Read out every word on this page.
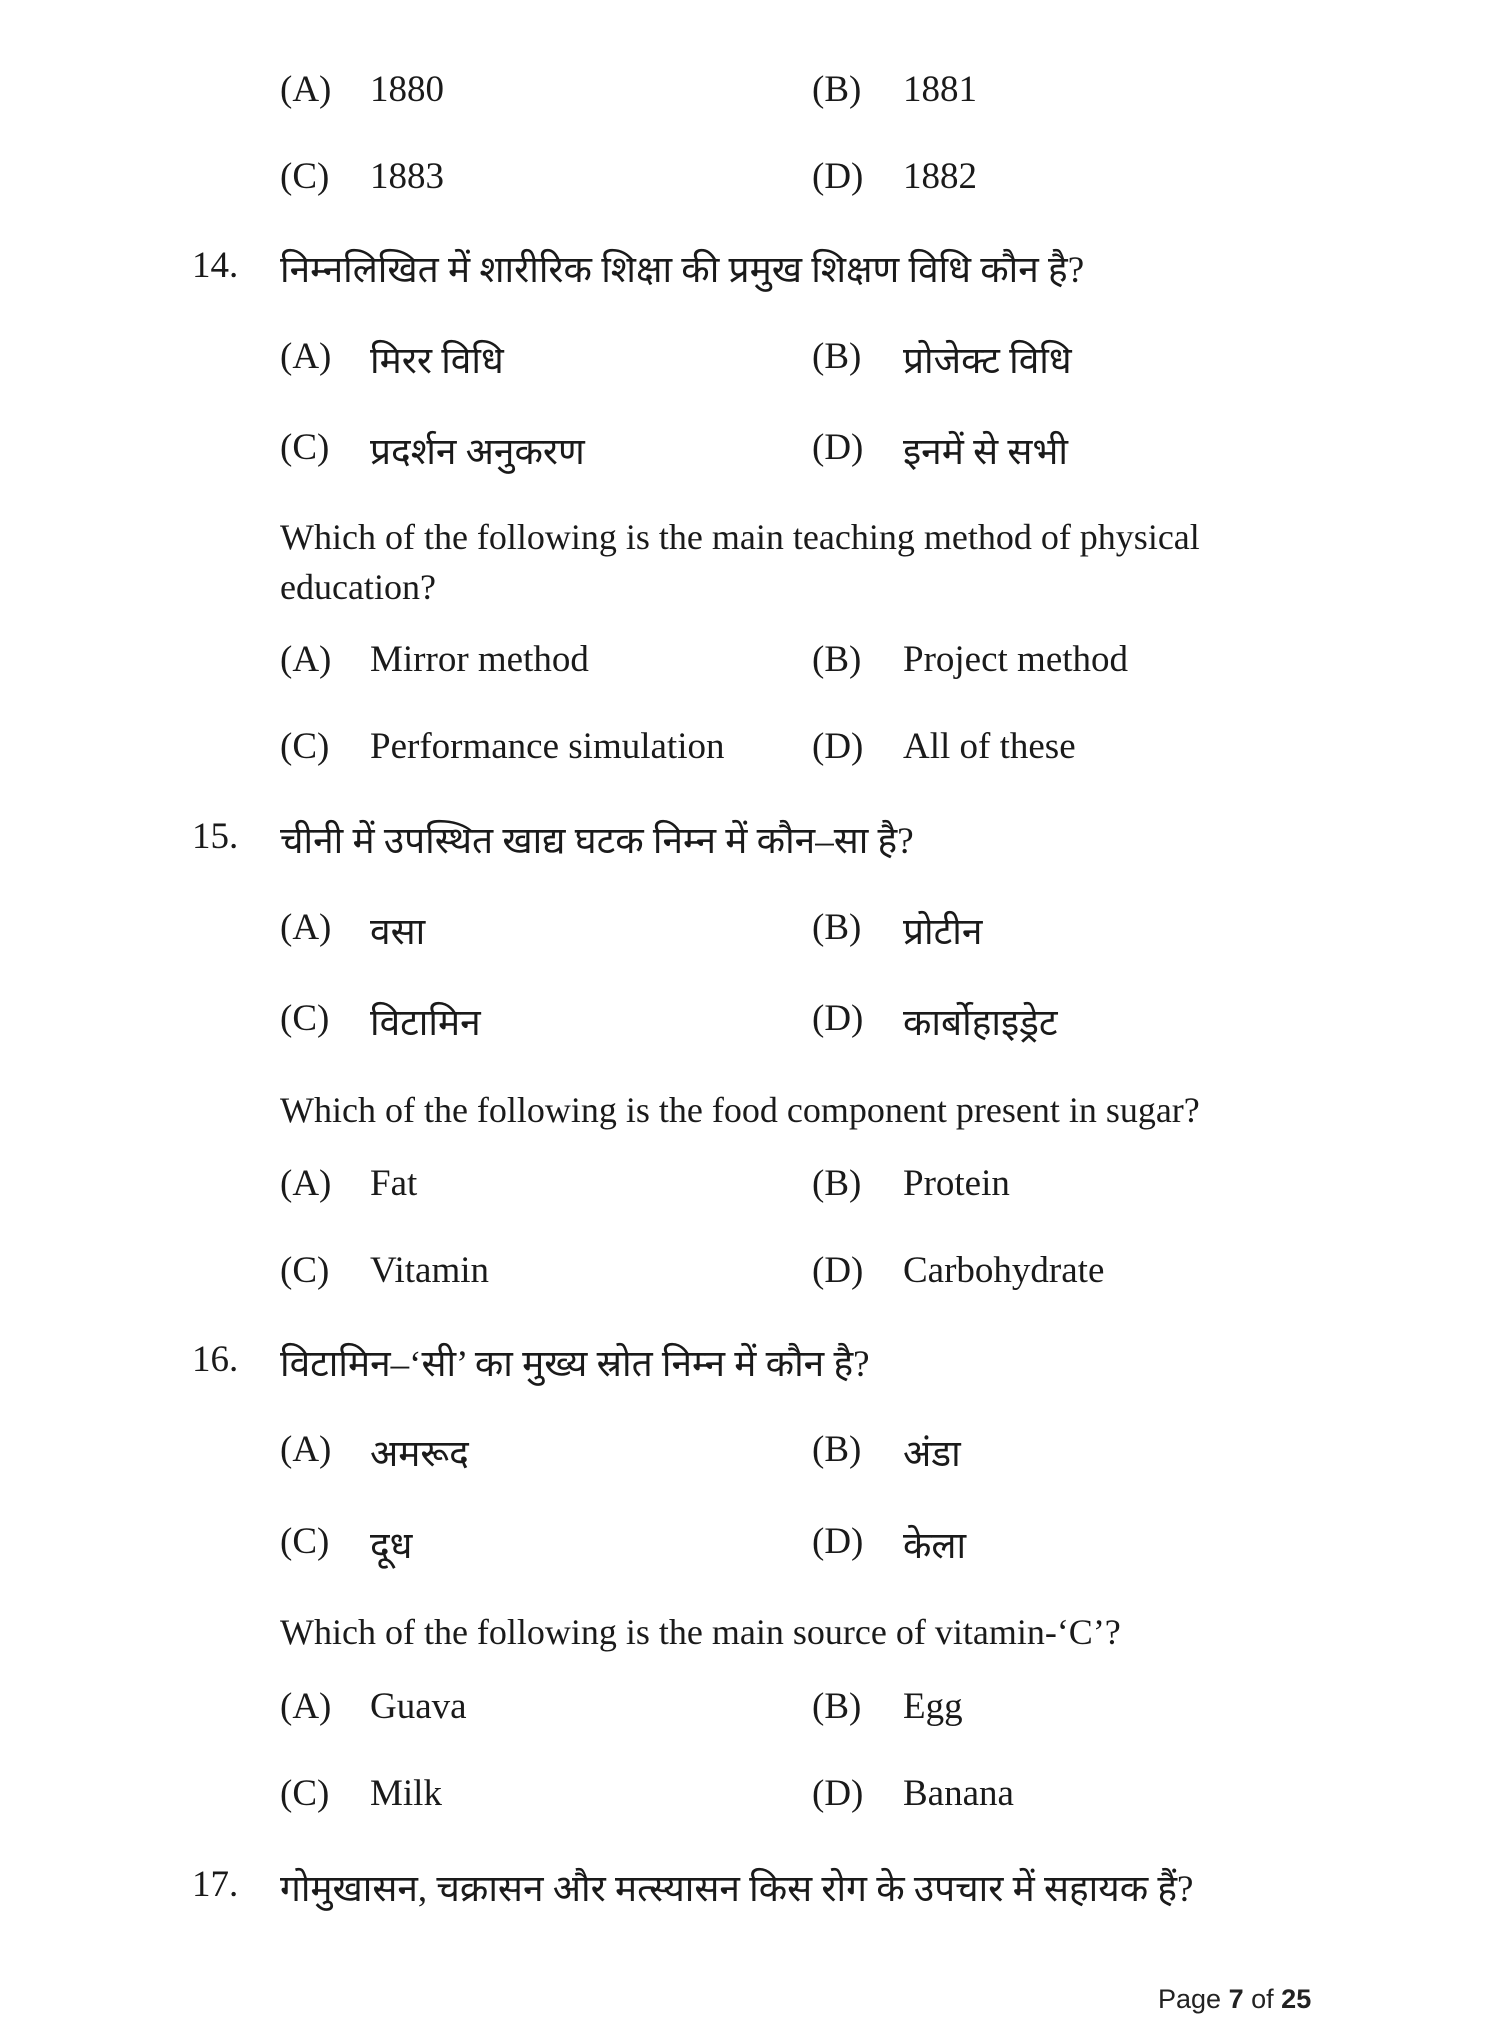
(A) 1880	(B) 1881
(C) 1883	(D) 1882
14. निम्नलिखित में शारीरिक शिक्षा की प्रमुख शिक्षण विधि कौन है?
(A) मिरर विधि	(B) प्रोजेक्ट विधि
(C) प्रदर्शन अनुकरण	(D) इनमें से सभी
Which of the following is the main teaching method of physical education?
(A) Mirror method	(B) Project method
(C) Performance simulation (D) All of these
15. चीनी में उपस्थित खाद्य घटक निम्न में कौन–सा है?
(A) वसा	(B) प्रोटीन
(C) विटामिन	(D) कार्बोहाइड्रेट
Which of the following is the food component present in sugar?
(A) Fat	(B) Protein
(C) Vitamin	(D) Carbohydrate
16. विटामिन–‘सी’ का मुख्य स्रोत निम्न में कौन है?
(A) अमरूद	(B) अंडा
(C) दूध	(D) केला
Which of the following is the main source of vitamin-‘C’?
(A) Guava	(B) Egg
(C) Milk	(D) Banana
17. गोमुखासन, चक्रासन और मत्स्यासन किस रोग के उपचार में सहायक हैं?
Page 7 of 25
